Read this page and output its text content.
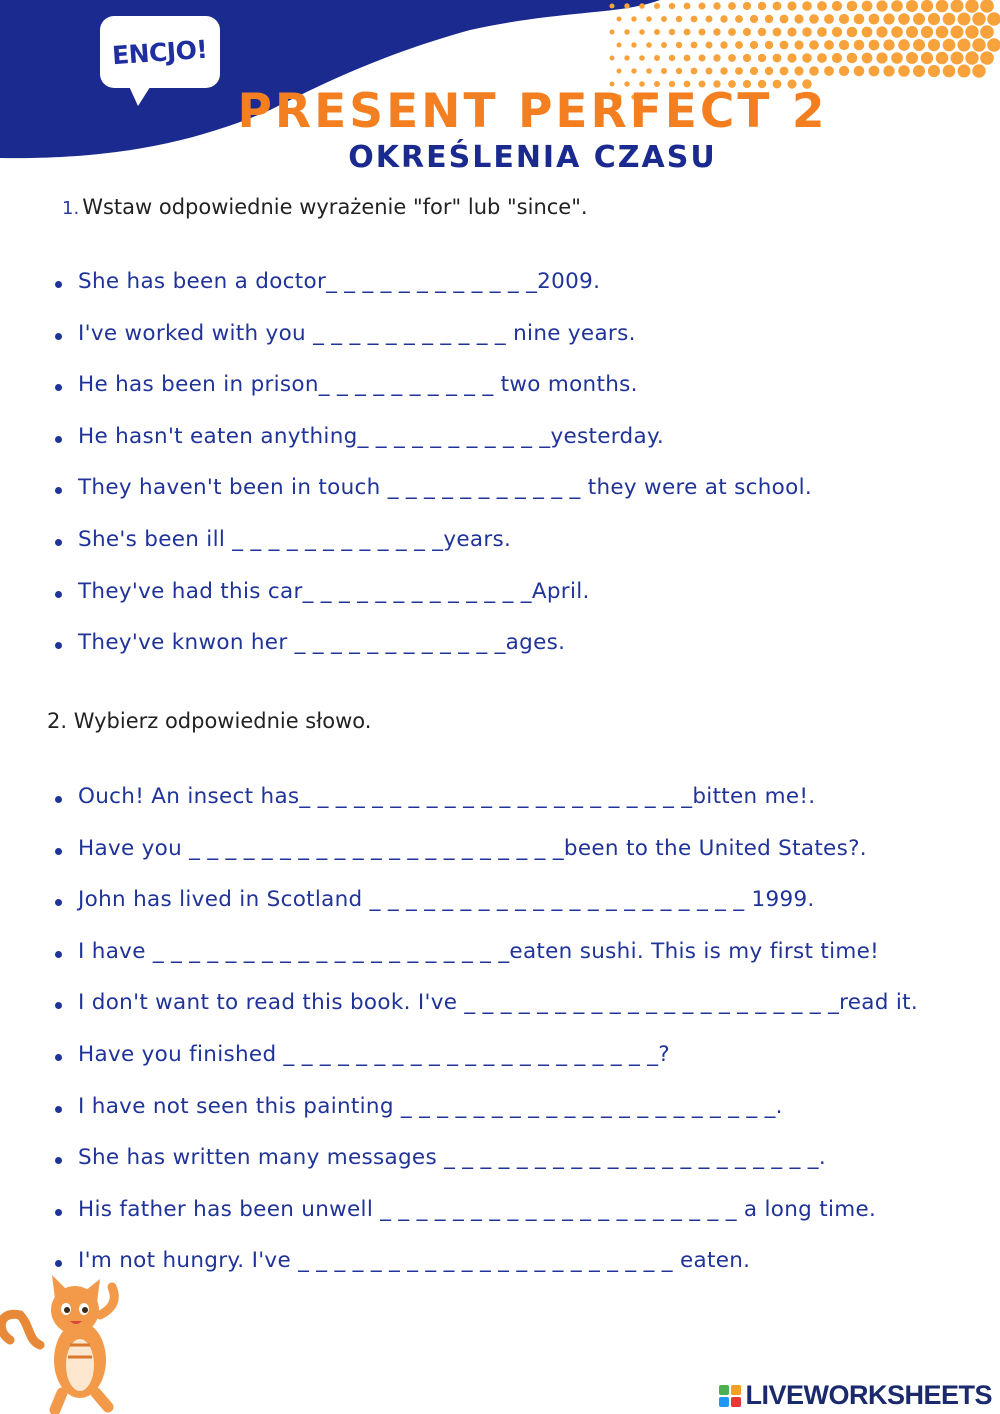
ENCJO!
PRESENT PERFECT 2
OKREŚLENIA CZASU

1. Wstaw odpowiednie wyrażenie "for" lub "since".

She has been a doctor_ _ _ _ _ _ _ _ _ _ _ _2009.
I've worked with you _ _ _ _ _ _ _ _ _ _ _ nine years.
He has been in prison_ _ _ _ _ _ _ _ _ _ two months.
He hasn't eaten anything_ _ _ _ _ _ _ _ _ _ _yesterday.
They haven't been in touch _ _ _ _ _ _ _ _ _ _ _ they were at school.
She's been ill _ _ _ _ _ _ _ _ _ _ _ _years.
They've had this car_ _ _ _ _ _ _ _ _ _ _ _ _April.
They've knwon her _ _ _ _ _ _ _ _ _ _ _ _ages.

2. Wybierz odpowiednie słowo.

Ouch! An insect has_ _ _ _ _ _ _ _ _ _ _ _ _ _ _ _ _ _ _ _ _ _bitten me!.
Have you _ _ _ _ _ _ _ _ _ _ _ _ _ _ _ _ _ _ _ _ _been to the United States?.
John has lived in Scotland _ _ _ _ _ _ _ _ _ _ _ _ _ _ _ _ _ _ _ _ _ 1999.
I have _ _ _ _ _ _ _ _ _ _ _ _ _ _ _ _ _ _ _ _eaten sushi. This is my first time!
I don't want to read this book. I've _ _ _ _ _ _ _ _ _ _ _ _ _ _ _ _ _ _ _ _ _read it.
Have you finished _ _ _ _ _ _ _ _ _ _ _ _ _ _ _ _ _ _ _ _ _?
I have not seen this painting _ _ _ _ _ _ _ _ _ _ _ _ _ _ _ _ _ _ _ _ _.
She has written many messages _ _ _ _ _ _ _ _ _ _ _ _ _ _ _ _ _ _ _ _ _.
His father has been unwell _ _ _ _ _ _ _ _ _ _ _ _ _ _ _ _ _ _ _ _ a long time.
I'm not hungry. I've _ _ _ _ _ _ _ _ _ _ _ _ _ _ _ _ _ _ _ _ _ eaten.
LIVEWORKSHEETS
